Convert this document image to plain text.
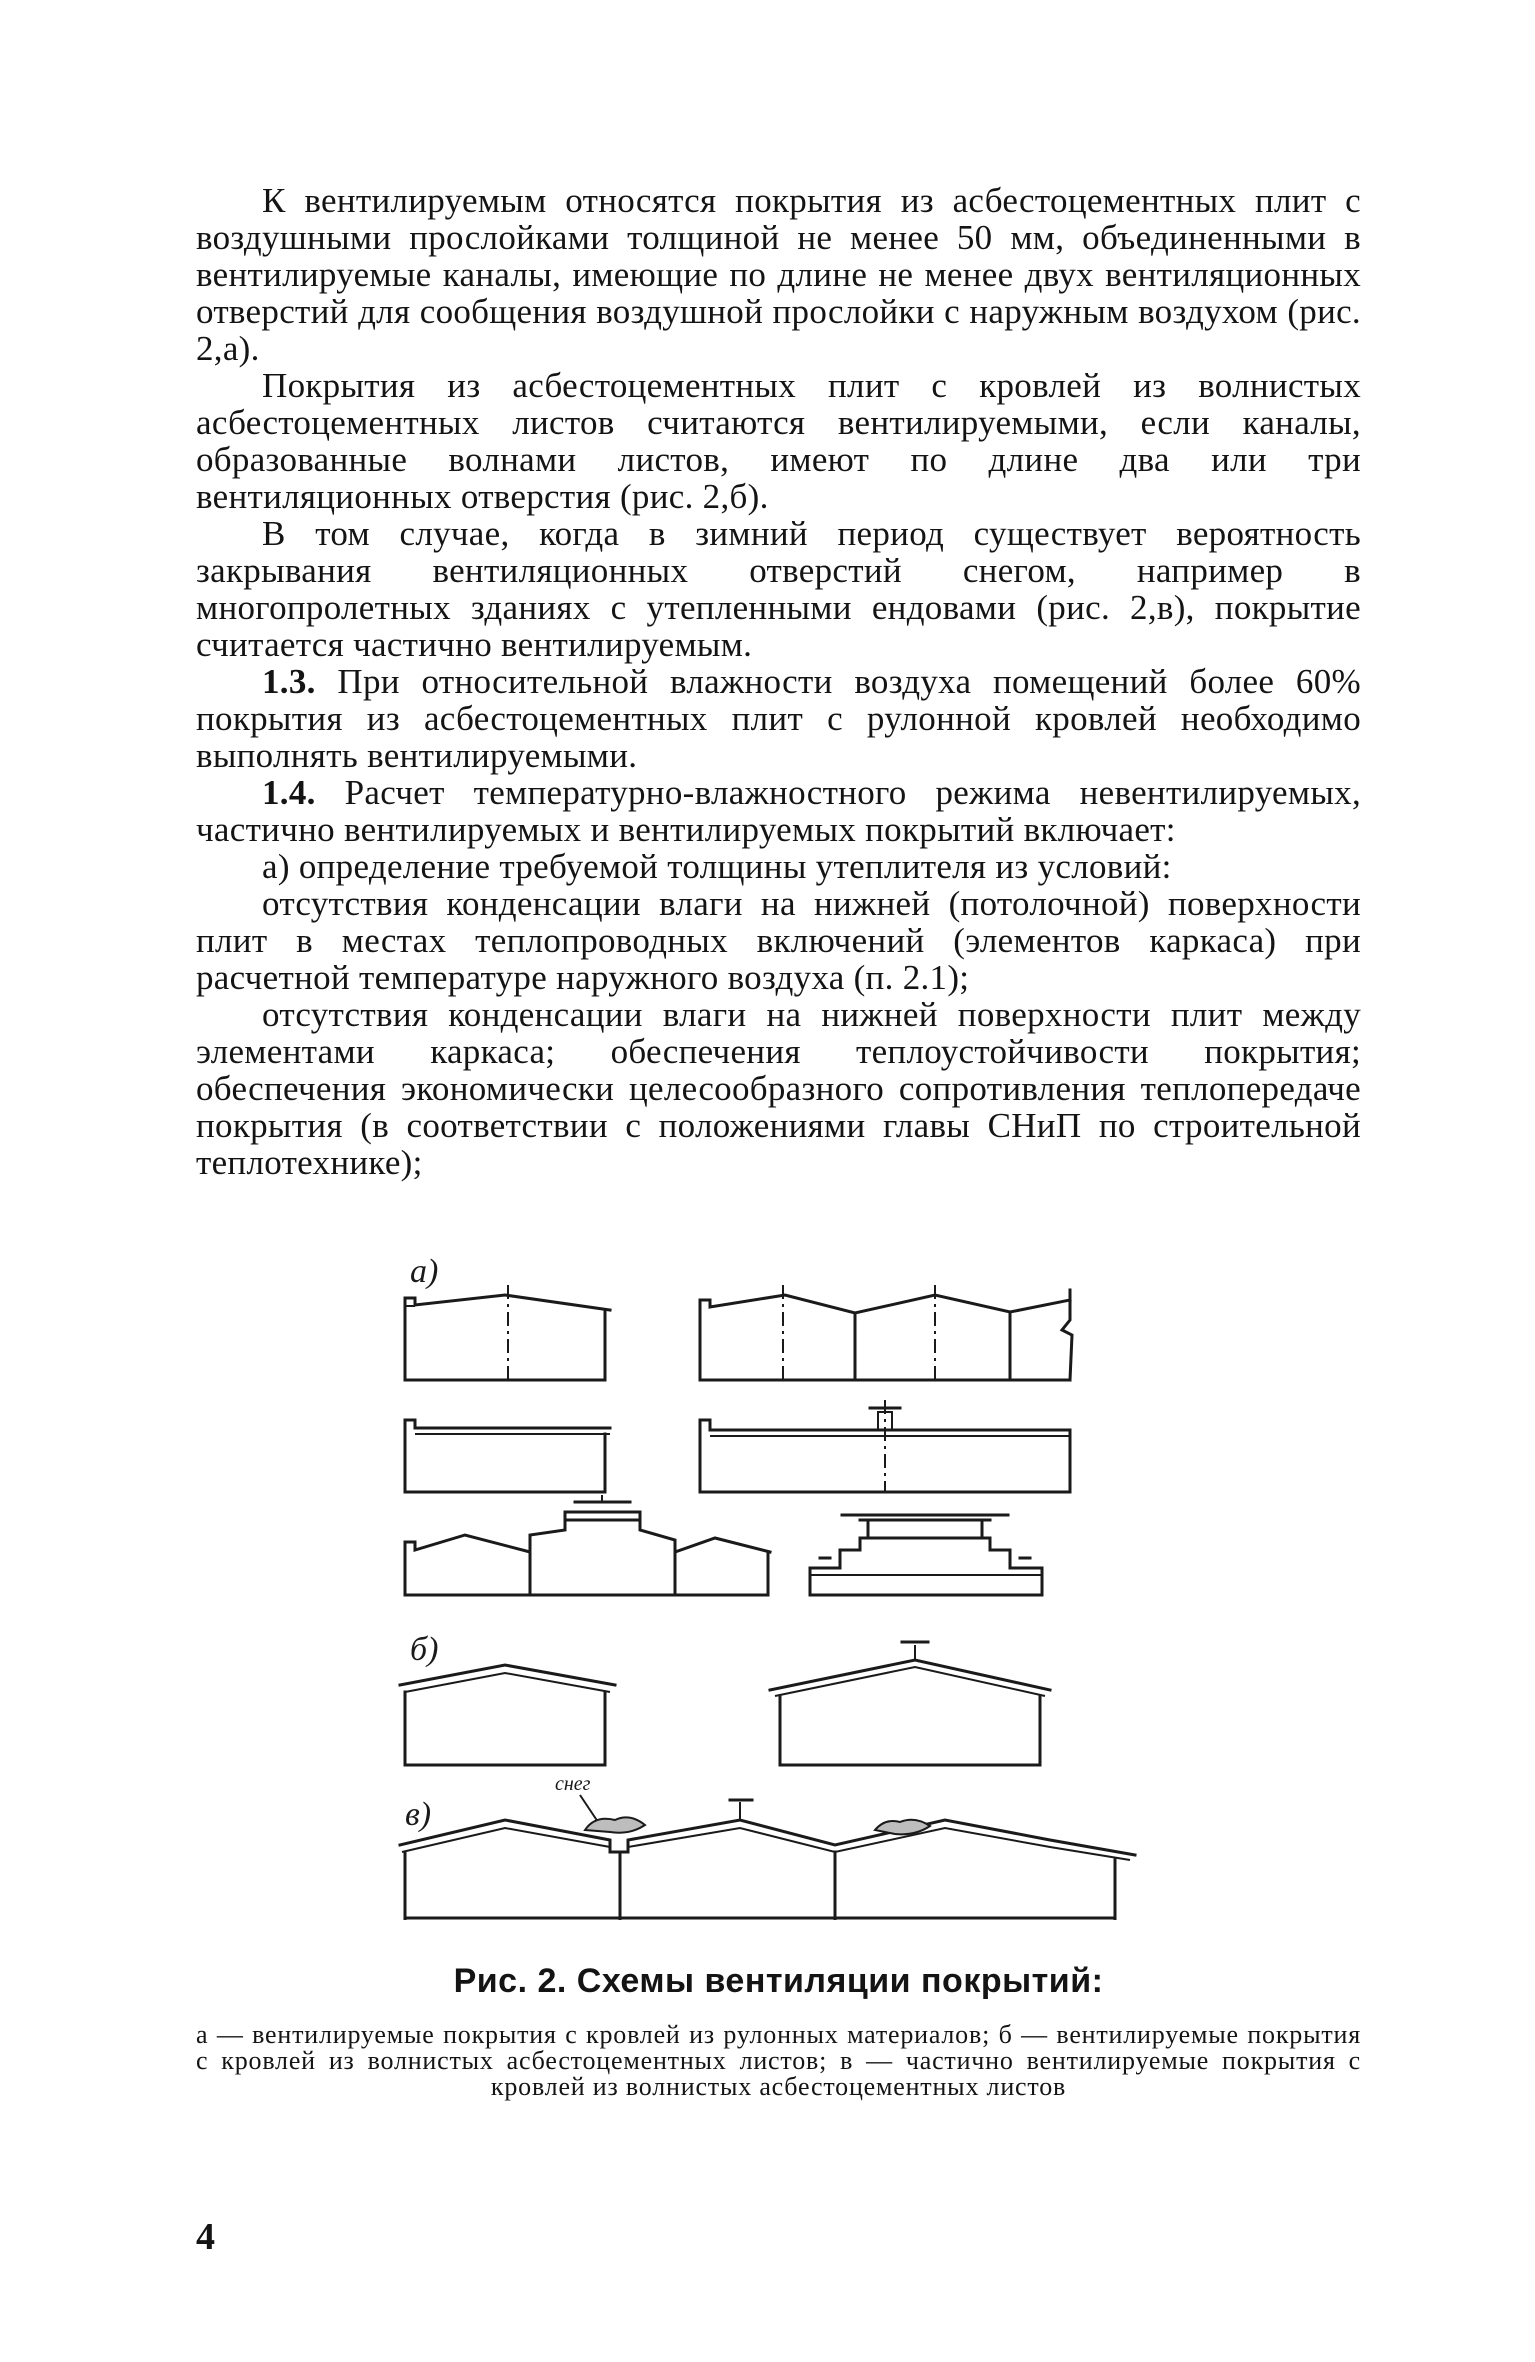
К вентилируемым относятся покрытия из асбестоцементных плит с воздушными прослойками толщиной не менее 50 мм, объединенными в вентилируемые каналы, имеющие по длине не менее двух вентиляционных отверстий для сообщения воздушной прослойки с наружным воздухом (рис. 2,а).

Покрытия из асбестоцементных плит с кровлей из волнистых асбестоцементных листов считаются вентилируемыми, если каналы, образованные волнами листов, имеют по длине два или три вентиляционных отверстия (рис. 2,б).

В том случае, когда в зимний период существует вероятность закрывания вентиляционных отверстий снегом, например в многопролетных зданиях с утепленными ендовами (рис. 2,в), покрытие считается частично вентилируемым.

1.3. При относительной влажности воздуха помещений более 60% покрытия из асбестоцементных плит с рулонной кровлей необходимо выполнять вентилируемыми.

1.4. Расчет температурно-влажностного режима невентилируемых, частично вентилируемых и вентилируемых покрытий включает:

а) определение требуемой толщины утеплителя из условий:

отсутствия конденсации влаги на нижней (потолочной) поверхности плит в местах теплопроводных включений (элементов каркаса) при расчетной температуре наружного воздуха (п. 2.1);

отсутствия конденсации влаги на нижней поверхности плит между элементами каркаса; обеспечения теплоустойчивости покрытия; обеспечения экономически целесообразного сопротивления теплопередаче покрытия (в соответствии с положениями главы СНиП по строительной теплотехнике);

а)
б)
в)
снег
Рис. 2. Схемы вентиляции покрытий:
а — вентилируемые покрытия с кровлей из рулонных материалов; б — вентилируемые покрытия с кровлей из волнистых асбестоцементных листов; в — частично вентилируемые покрытия с кровлей из волнистых асбестоцементных листов
4
